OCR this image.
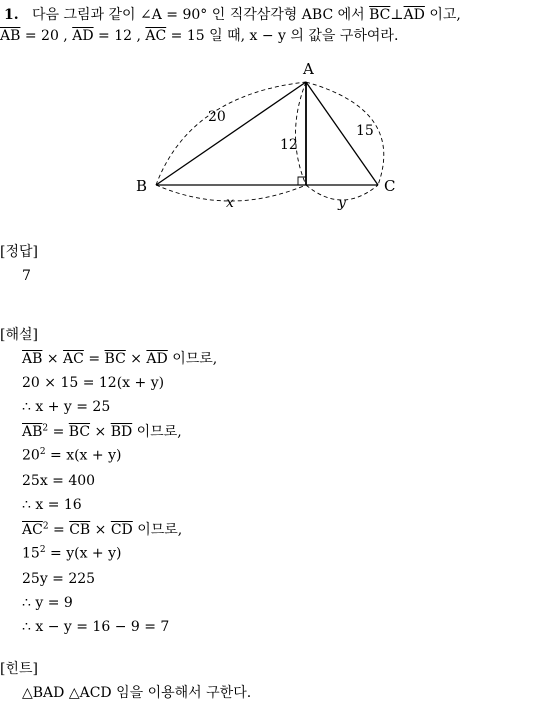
1. 다음 그림과 같이 ∠A = 90° 인 직각삼각형 ABC 에서 $\overline{BC}\perp\overline{AD}$ 이고,
$\overline{AB} = 20$ , $\overline{AD} = 12$ , $\overline{AC} = 15$ 일 때, x − y 의 값을 구하여라.
A
B	C
20
12
15
x	y
[정답]
7
[해설]
$\overline{AB} \times \overline{AC} = \overline{BC} \times \overline{AD}$ 이므로,
20 × 15 = 12(x + y)
∴ x + y = 25
$\overline{AB}^2 = \overline{BC} \times \overline{BD}$ 이므로,
$20^2 = x(x + y)$
25x = 400
∴ x = 16
$\overline{AC}^2 = \overline{CB} \times \overline{CD}$ 이므로,
$15^2 = y(x + y)$
25y = 225
∴ y = 9
∴ x − y = 16 − 9 = 7
[힌트]
△BAD △ACD 임을 이용해서 구한다.
